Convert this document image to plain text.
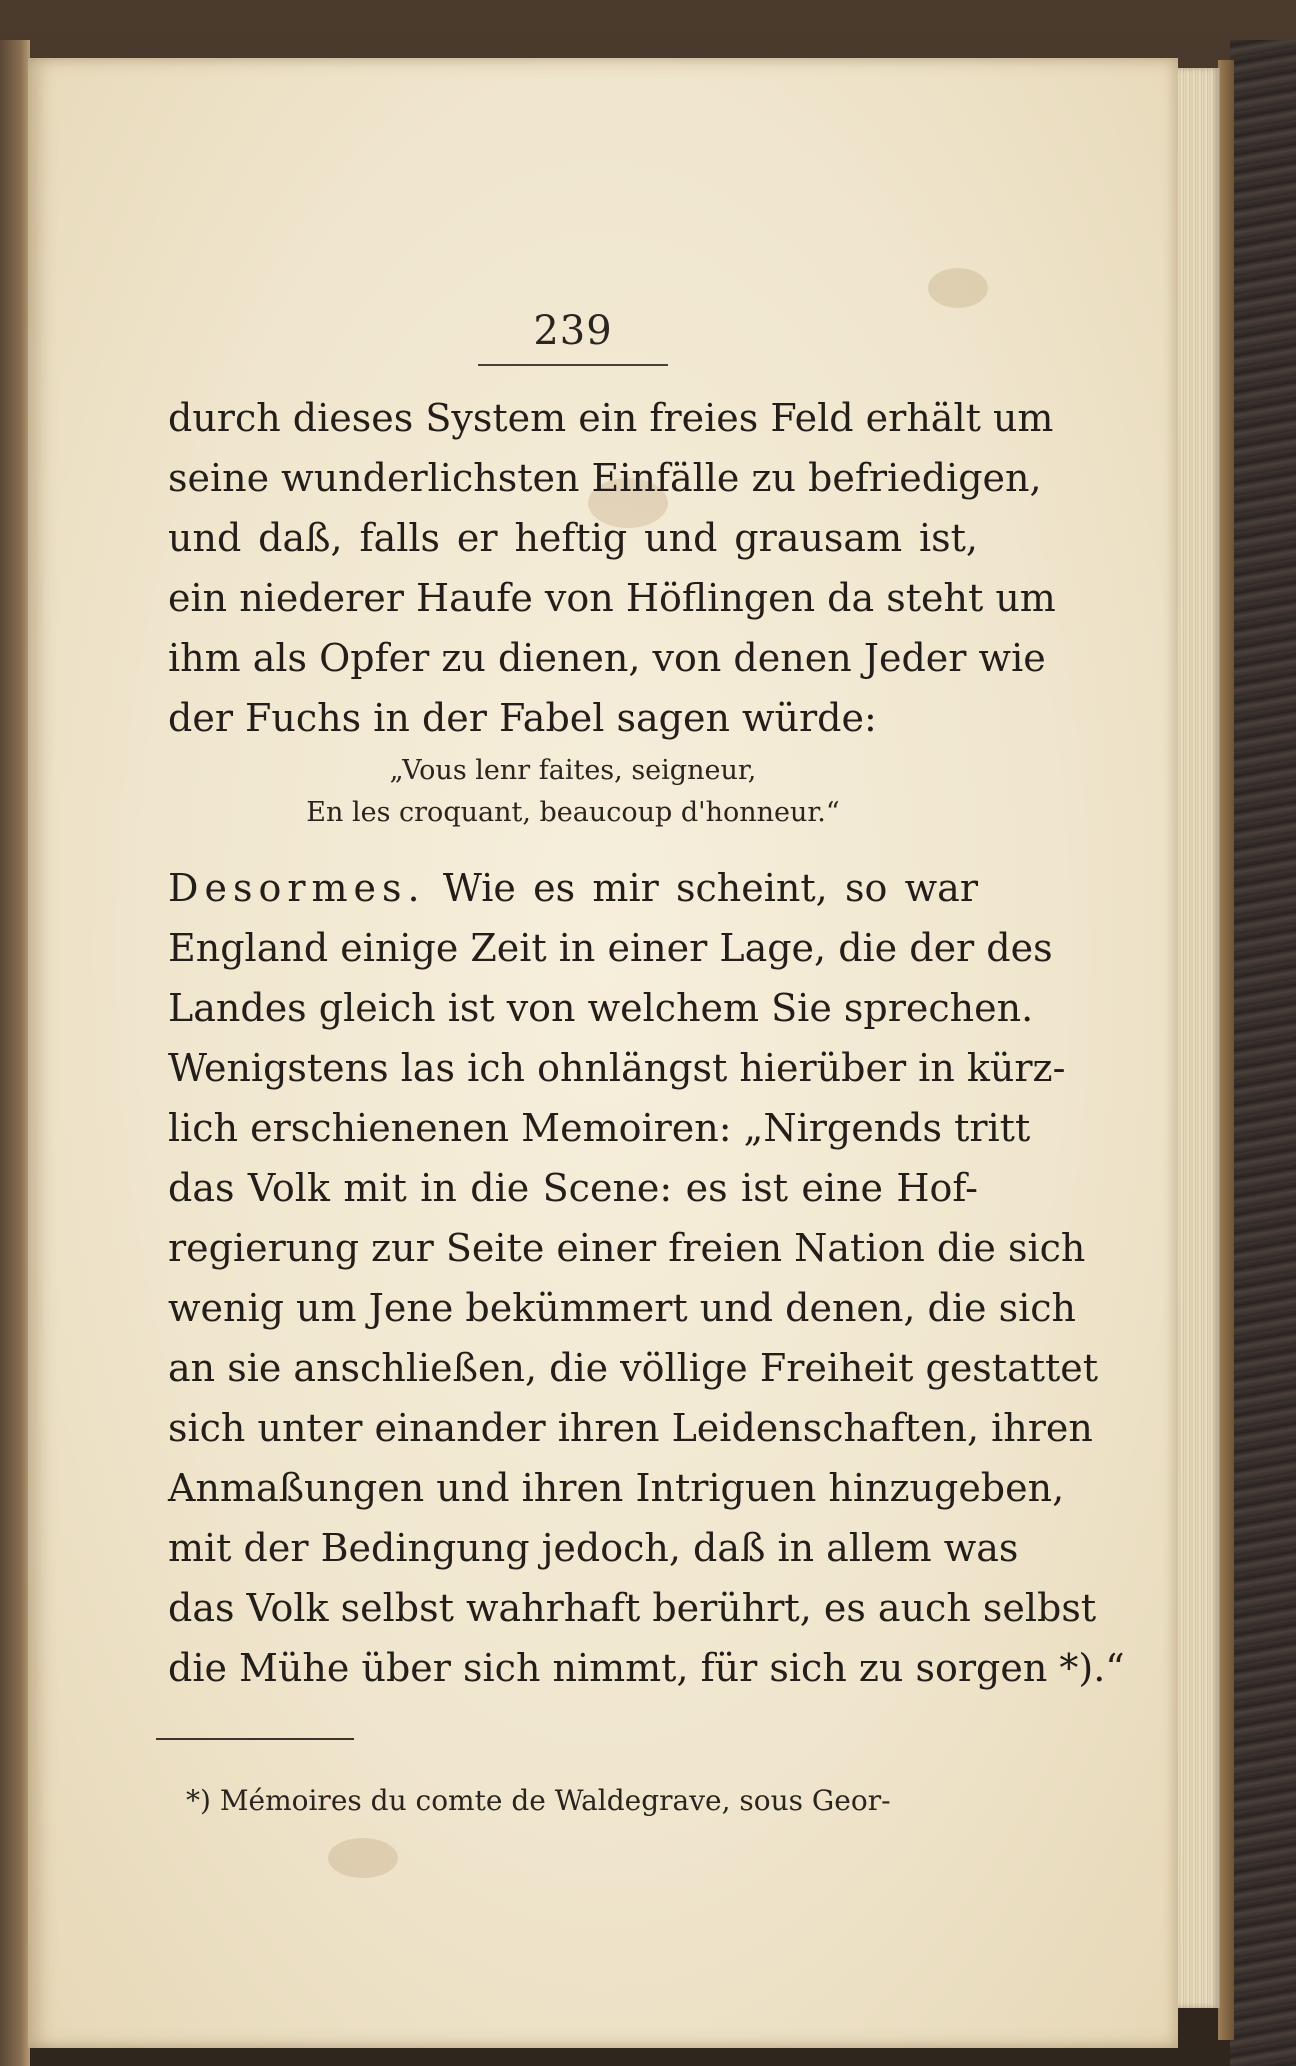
239
durch dieses System ein freies Feld erhält um
seine wunderlichsten Einfälle zu befriedigen,
und daß, falls er heftig und grausam ist,
ein niederer Haufe von Höflingen da steht um
ihm als Opfer zu dienen, von denen Jeder wie
der Fuchs in der Fabel sagen würde:
„Vous lenr faites, seigneur,
En les croquant, beaucoup d'honneur.“
Desormes. Wie es mir scheint, so war
England einige Zeit in einer Lage, die der des
Landes gleich ist von welchem Sie sprechen.
Wenigstens las ich ohnlängst hierüber in kürz-
lich erschienenen Memoiren: „Nirgends tritt
das Volk mit in die Scene: es ist eine Hof-
regierung zur Seite einer freien Nation die sich
wenig um Jene bekümmert und denen, die sich
an sie anschließen, die völlige Freiheit gestattet
sich unter einander ihren Leidenschaften, ihren
Anmaßungen und ihren Intriguen hinzugeben,
mit der Bedingung jedoch, daß in allem was
das Volk selbst wahrhaft berührt, es auch selbst
die Mühe über sich nimmt, für sich zu sorgen *).“
*) Mémoires du comte de Waldegrave, sous Geor-
